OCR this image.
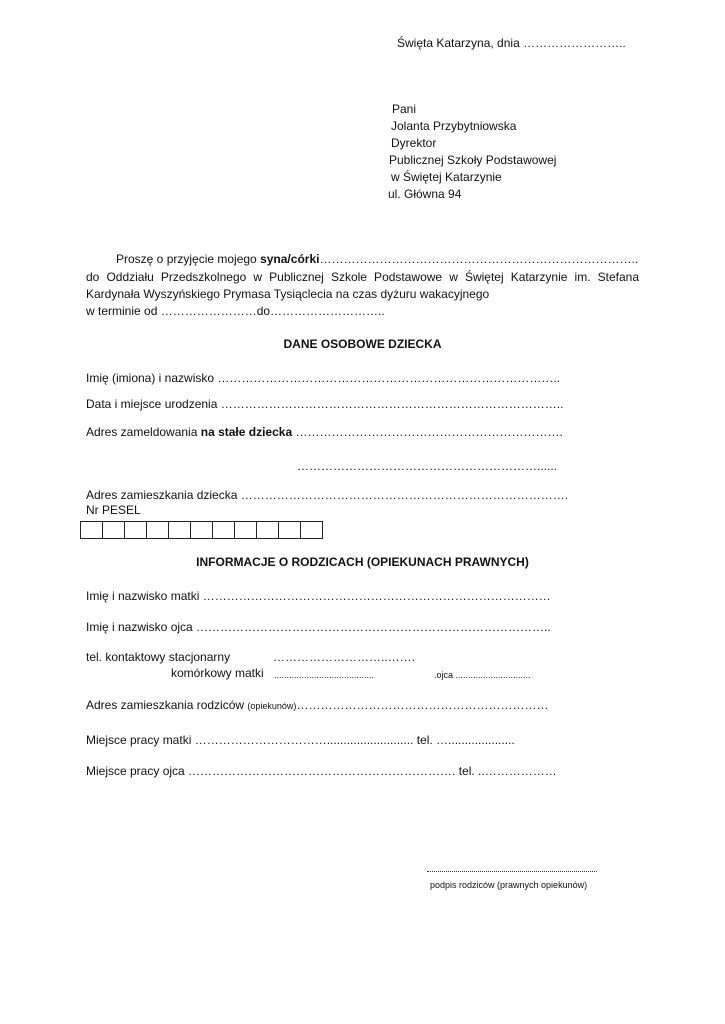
Święta Katarzyna, dnia ……………………..
Pani
Jolanta Przybytniowska
Dyrektor
Publicznej Szkoły Podstawowej
w Świętej Katarzynie
ul. Główna 94
Proszę o przyjęcie mojego syna/córki……………………………………………………………………..
do Oddziału Przedszkolnego w Publicznej Szkole Podstawowe w Świętej Katarzynie im. Stefana
Kardynała Wyszyńskiego Prymasa Tysiąclecia na czas dyżuru wakacyjnego
w terminie od ……………………do………………………..
DANE OSOBOWE DZIECKA
Imię (imiona) i nazwisko …………………………………………………………………………..
Data i miejsce urodzenia …………………………………………………………………………..
Adres zameldowania na stałe dziecka ………………………………………………………….
……………………………………………………......
Adres zamieszkania dziecka ……………………………………………………………………….
Nr PESEL
INFORMACJE O RODZICACH (OPIEKUNACH PRAWNYCH)
Imię i nazwisko matki ……………………………………………………………………………
Imię i nazwisko ojca ……………………………………………………………………………..
tel. kontaktowy stacjonarny	………………………..…….
komórkowy matki ........................................	.ojca ..............................
Adres zamieszkania rodziców (opiekunów)………………………………………………………
Miejsce pracy matki …………………………….......................... tel. …....................
Miejsce pracy ojca …………………………………………………………. tel. ..………………
podpis rodziców (prawnych opiekunów)
